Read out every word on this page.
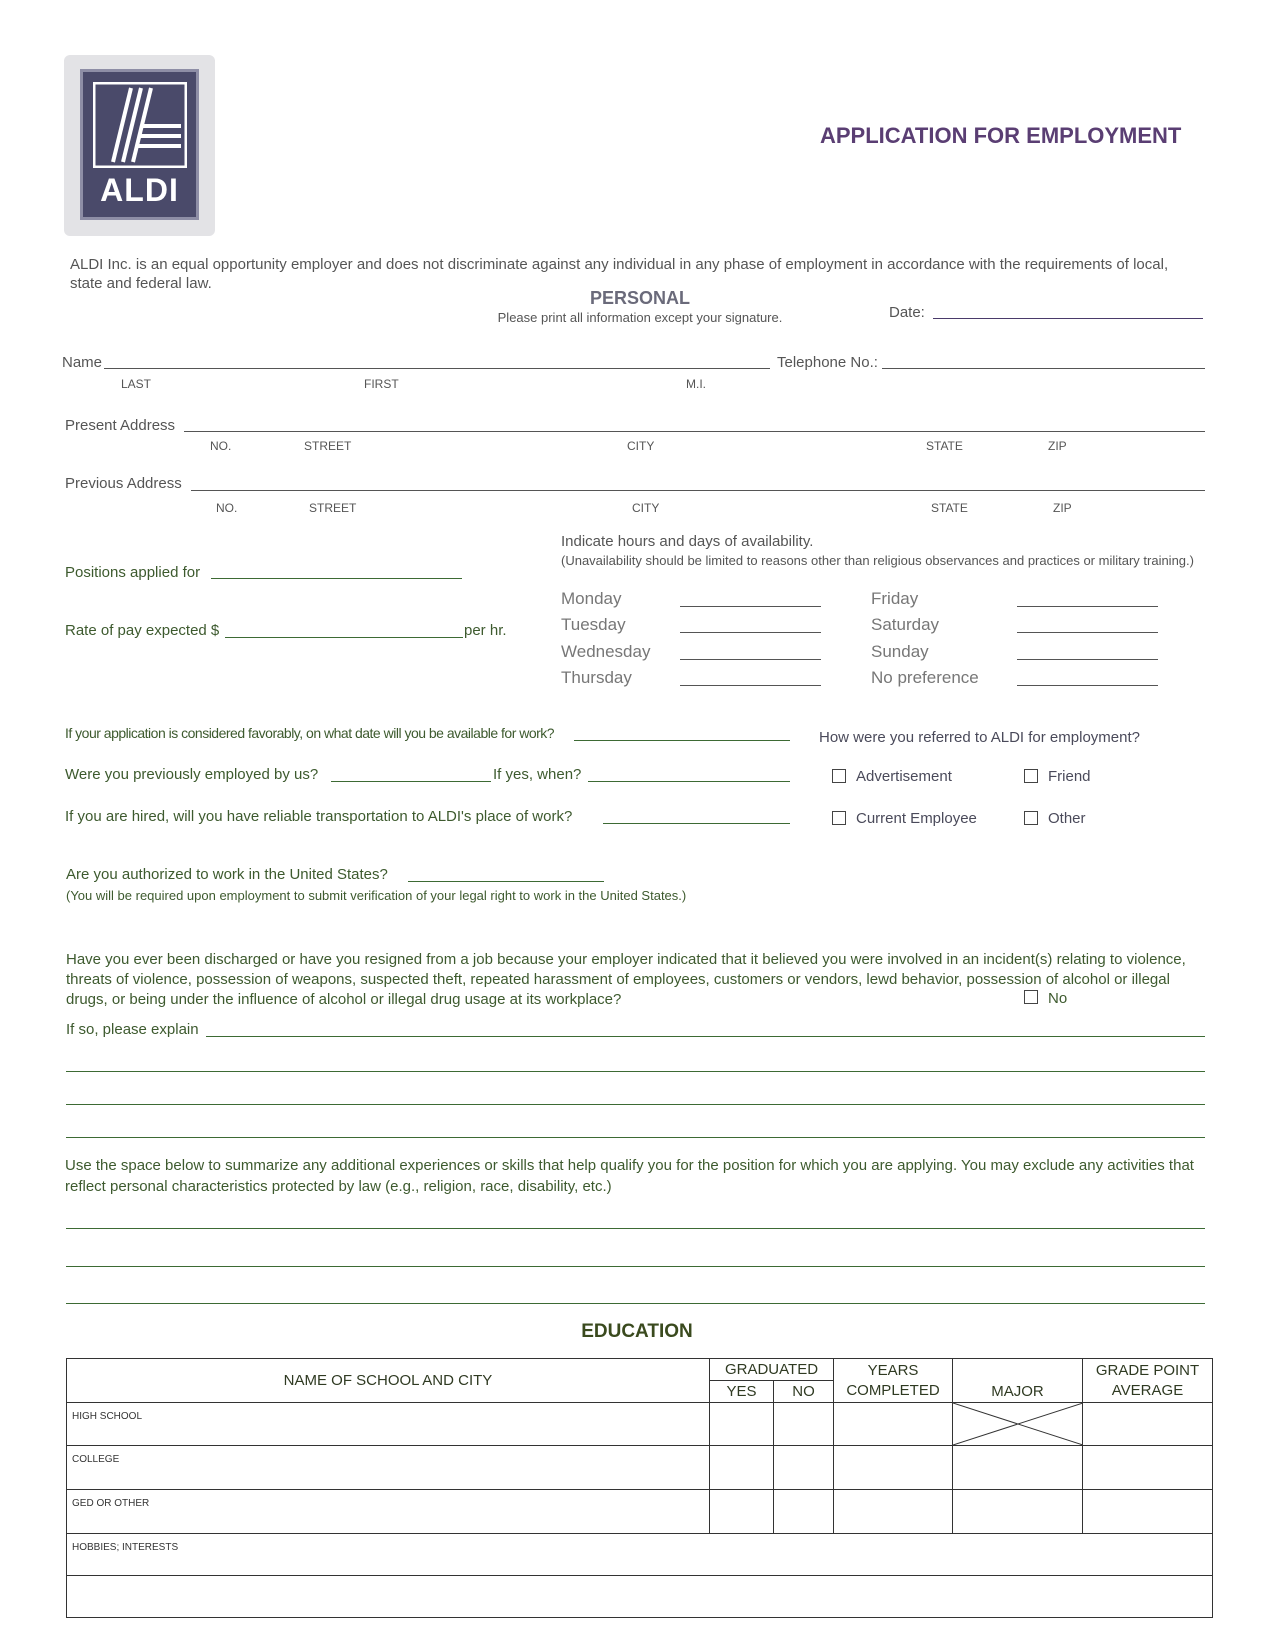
ALDI
APPLICATION FOR EMPLOYMENT
ALDI Inc. is an equal opportunity employer and does not discriminate against any individual in any phase of employment in accordance with the requirements of local, state and federal law.
PERSONAL
Please print all information except your signature.	Date:
Name
LAST	FIRST	M.I.
Telephone No.:
Present Address
NO.	STREET	CITY	STATE	ZIP
Previous Address
NO.	STREET	CITY	STATE	ZIP
Positions applied for
Rate of pay expected $	per hr.
Indicate hours and days of availability.
(Unavailability should be limited to reasons other than religious observances and practices or military training.)
Monday
Tuesday
Wednesday
Thursday
Friday
Saturday
Sunday
No preference
If your application is considered favorably, on what date will you be available for work?
Were you previously employed by us?	If yes, when?
If you are hired, will you have reliable transportation to ALDI's place of work?
How were you referred to ALDI for employment?
Advertisement	Friend
Current Employee	Other
Are you authorized to work in the United States?
(You will be required upon employment to submit verification of your legal right to work in the United States.)
Have you ever been discharged or have you resigned from a job because your employer indicated that it believed you were involved in an incident(s) relating to violence, threats of violence, possession of weapons, suspected theft, repeated harassment of employees, customers or vendors, lewd behavior, possession of alcohol or illegal drugs, or being under the influence of alcohol or illegal drug usage at its workplace?	No
If so, please explain
Use the space below to summarize any additional experiences or skills that help qualify you for the position for which you are applying. You may exclude any activities that reflect personal characteristics protected by law (e.g., religion, race, disability, etc.)
EDUCATION
NAME OF SCHOOL AND CITY	GRADUATED		YEARS COMPLETED	MAJOR	GRADE POINT AVERAGE
	YES	NO			
HIGH SCHOOL				

COLLEGE					
GED OR OTHER					
HOBBIES; INTERESTS					
